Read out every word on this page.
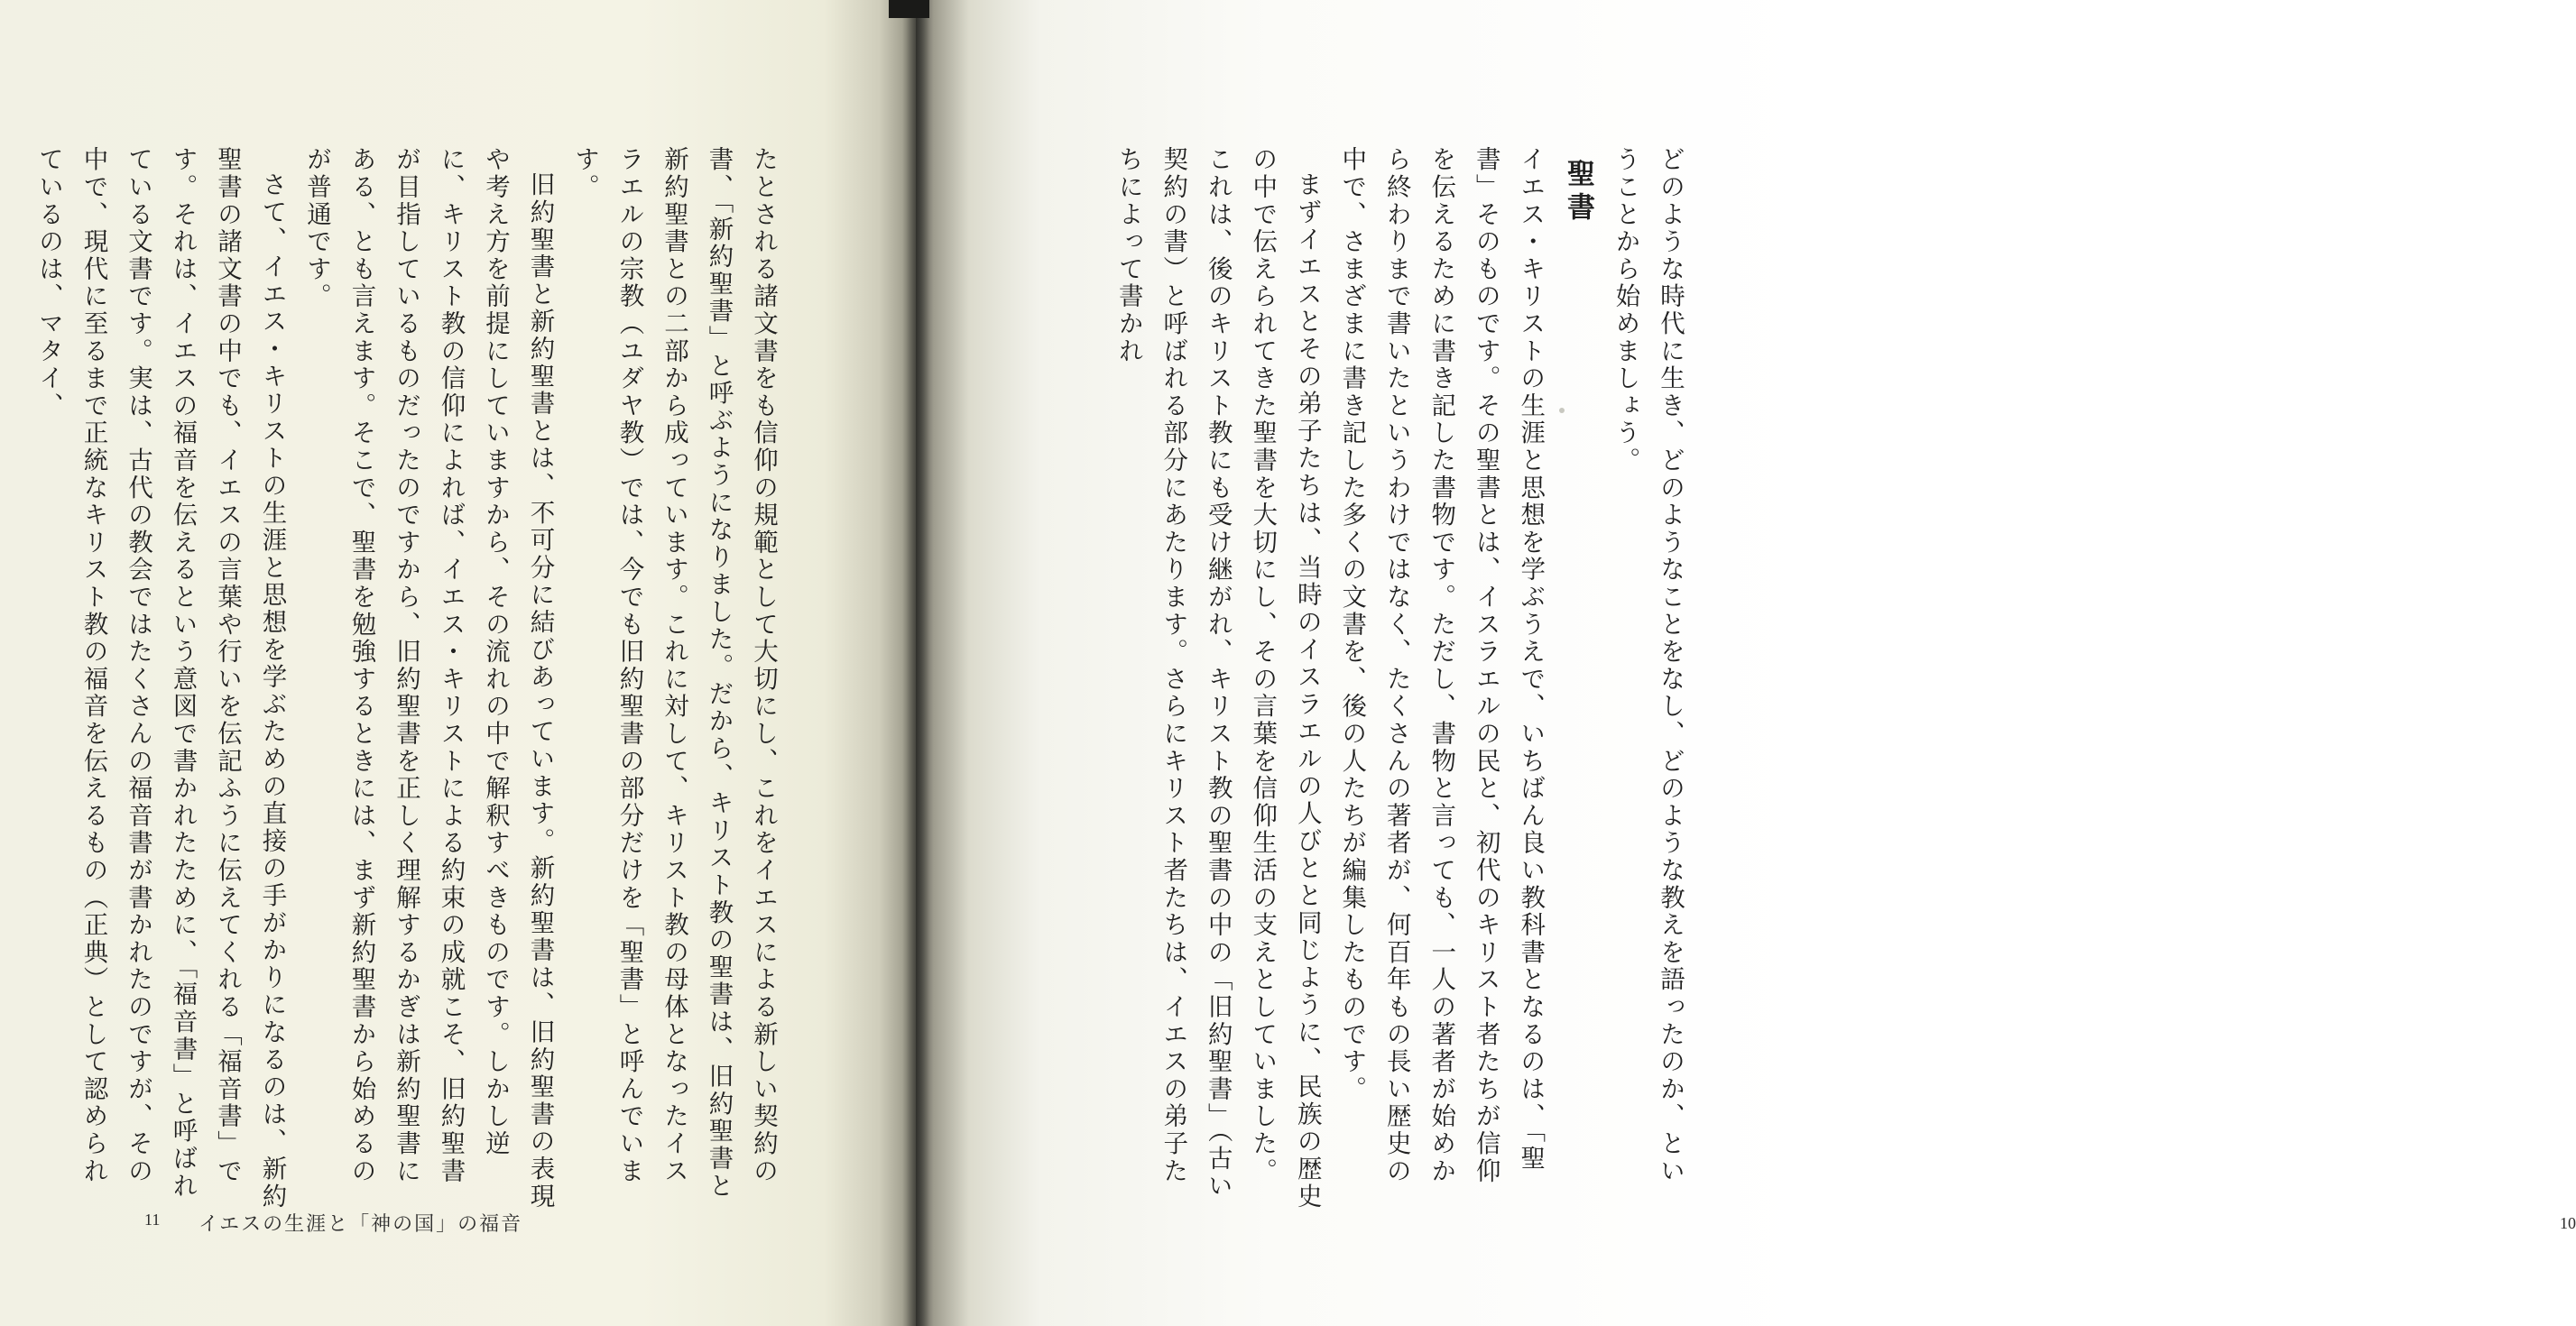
たとされる諸文書をも信仰の規範として大切にし、これをイエスによる新しい契約の書、「新約聖書」と呼ぶようになりました。だから、キリスト教の聖書は、旧約聖書と新約聖書との二部から成っています。これに対して、キリスト教の母体となったイスラエルの宗教（ユダヤ教）では、今でも旧約聖書の部分だけを「聖書」と呼んでいます。

旧約聖書と新約聖書とは、不可分に結びあっています。新約聖書は、旧約聖書の表現や考え方を前提にしていますから、その流れの中で解釈すべきものです。しかし逆に、キリスト教の信仰によれば、イエス・キリストによる約束の成就こそ、旧約聖書が目指しているものだったのですから、旧約聖書を正しく理解するかぎは新約聖書にある、とも言えます。そこで、聖書を勉強するときには、まず新約聖書から始めるのが普通です。

さて、イエス・キリストの生涯と思想を学ぶための直接の手がかりになるのは、新約聖書の諸文書の中でも、イエスの言葉や行いを伝記ふうに伝えてくれる「福音書」です。それは、イエスの福音を伝えるという意図で書かれたために、「福音書」と呼ばれている文書です。実は、古代の教会ではたくさんの福音書が書かれたのですが、その中で、現代に至るまで正統なキリスト教の福音を伝えるもの（正典）として認められているのは、マタイ、

11 イエスの生涯と「神の国」の福音

どのような時代に生き、どのようなことをなし、どのような教えを語ったのか、ということから始めましょう。

聖書

イエス・キリストの生涯と思想を学ぶうえで、いちばん良い教科書となるのは、「聖書」そのものです。その聖書とは、イスラエルの民と、初代のキリスト者たちが信仰を伝えるために書き記した書物です。ただし、書物と言っても、一人の著者が始めから終わりまで書いたというわけではなく、たくさんの著者が、何百年もの長い歴史の中で、さまざまに書き記した多くの文書を、後の人たちが編集したものです。

まずイエスとその弟子たちは、当時のイスラエルの人びとと同じように、民族の歴史の中で伝えられてきた聖書を大切にし、その言葉を信仰生活の支えとしていました。これは、後のキリスト教にも受け継がれ、キリスト教の聖書の中の「旧約聖書」（古い契約の書）と呼ばれる部分にあたります。さらにキリスト者たちは、イエスの弟子たちによって書かれ

10
